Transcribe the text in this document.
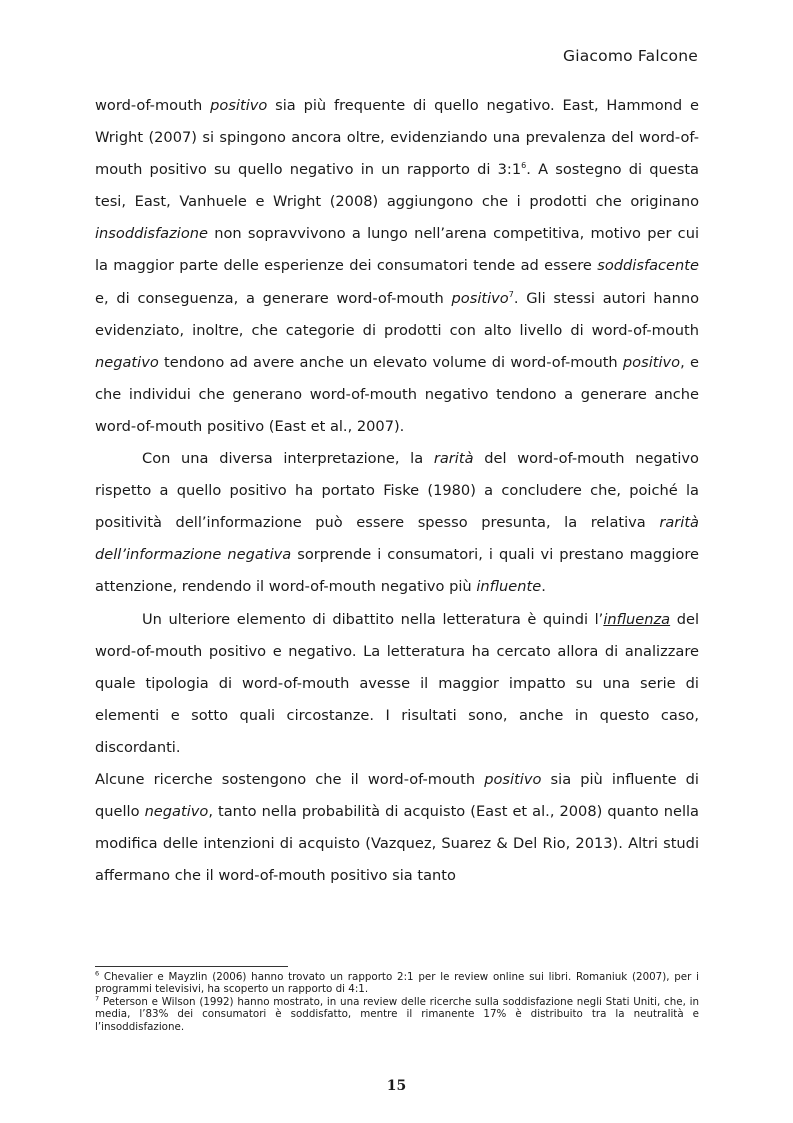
Giacomo Falcone

word-of-mouth positivo sia più frequente di quello negativo. East, Hammond e Wright (2007) si spingono ancora oltre, evidenziando una prevalenza del word-of-mouth positivo su quello negativo in un rapporto di $3:1^6$. A sostegno di questa tesi, East, Vanhuele e Wright (2008) aggiungono che i prodotti che originano insoddisfazione non sopravvivono a lungo nell’arena competitiva, motivo per cui la maggior parte delle esperienze dei consumatori tende ad essere soddisfacente e, di conseguenza, a generare word-of-mouth positivo$^7$. Gli stessi autori hanno evidenziato, inoltre, che categorie di prodotti con alto livello di word-of-mouth negativo tendono ad avere anche un elevato volume di word-of-mouth positivo, e che individui che generano word-of-mouth negativo tendono a generare anche word-of-mouth positivo (East et al., 2007).

Con una diversa interpretazione, la rarità del word-of-mouth negativo rispetto a quello positivo ha portato Fiske (1980) a concludere che, poiché la positività dell’informazione può essere spesso presunta, la relativa rarità dell’informazione negativa sorprende i consumatori, i quali vi prestano maggiore attenzione, rendendo il word-of-mouth negativo più influente.

Un ulteriore elemento di dibattito nella letteratura è quindi l’influenza del word-of-mouth positivo e negativo. La letteratura ha cercato allora di analizzare quale tipologia di word-of-mouth avesse il maggior impatto su una serie di elementi e sotto quali circostanze. I risultati sono, anche in questo caso, discordanti.

Alcune ricerche sostengono che il word-of-mouth positivo sia più influente di quello negativo, tanto nella probabilità di acquisto (East et al., 2008) quanto nella modifica delle intenzioni di acquisto (Vazquez, Suarez & Del Rio, 2013). Altri studi affermano che il word-of-mouth positivo sia tanto

$^6$ Chevalier e Mayzlin (2006) hanno trovato un rapporto 2:1 per le review online sui libri. Romaniuk (2007), per i programmi televisivi, ha scoperto un rapporto di 4:1.

$^7$ Peterson e Wilson (1992) hanno mostrato, in una review delle ricerche sulla soddisfazione negli Stati Uniti, che, in media, l’83% dei consumatori è soddisfatto, mentre il rimanente 17% è distribuito tra la neutralità e l’insoddisfazione.

15
